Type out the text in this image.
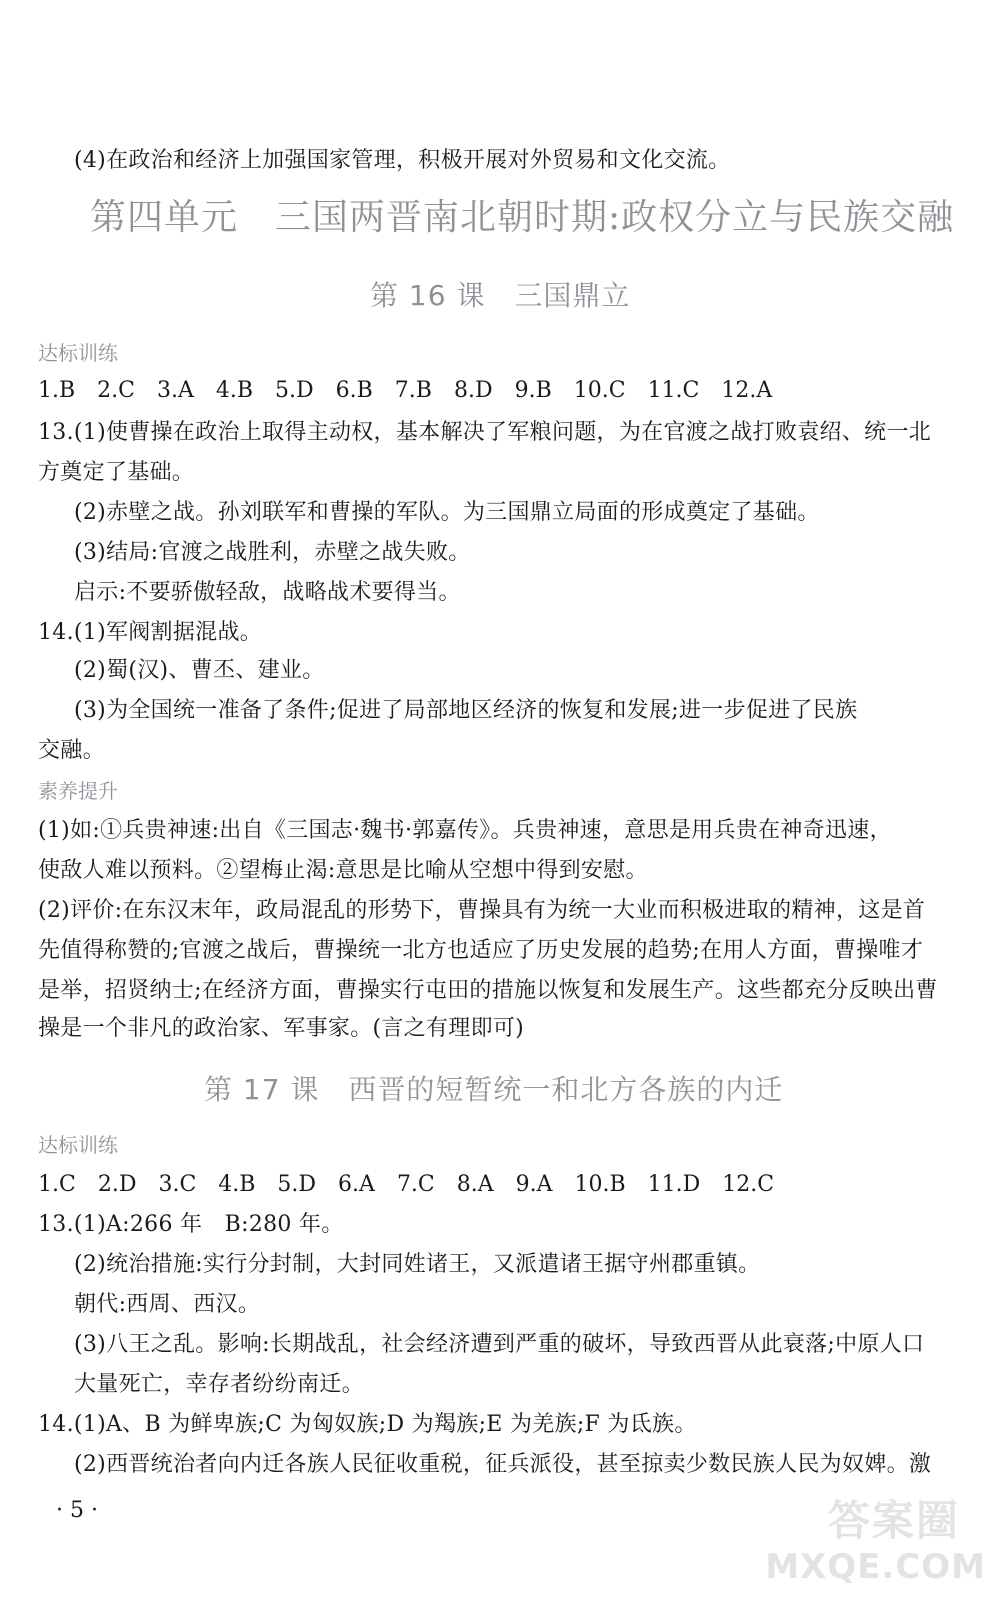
(4)在政治和经济上加强国家管理，积极开展对外贸易和文化交流。
第四单元　三国两晋南北朝时期:政权分立与民族交融
第 16 课　三国鼎立
达标训练
1.B　2.C　3.A　4.B　5.D　6.B　7.B　8.D　9.B　10.C　11.C　12.A
13.(1)使曹操在政治上取得主动权，基本解决了军粮问题，为在官渡之战打败袁绍、统一北
方奠定了基础。
(2)赤壁之战。孙刘联军和曹操的军队。为三国鼎立局面的形成奠定了基础。
(3)结局:官渡之战胜利，赤壁之战失败。
启示:不要骄傲轻敌，战略战术要得当。
14.(1)军阀割据混战。
(2)蜀(汉)、曹丕、建业。
(3)为全国统一准备了条件;促进了局部地区经济的恢复和发展;进一步促进了民族
交融。
素养提升
(1)如:①兵贵神速:出自《三国志·魏书·郭嘉传》。兵贵神速，意思是用兵贵在神奇迅速，
使敌人难以预料。②望梅止渴:意思是比喻从空想中得到安慰。
(2)评价:在东汉末年，政局混乱的形势下，曹操具有为统一大业而积极进取的精神，这是首
先值得称赞的;官渡之战后，曹操统一北方也适应了历史发展的趋势;在用人方面，曹操唯才
是举，招贤纳士;在经济方面，曹操实行屯田的措施以恢复和发展生产。这些都充分反映出曹
操是一个非凡的政治家、军事家。(言之有理即可)
第 17 课　西晋的短暂统一和北方各族的内迁
达标训练
1.C　2.D　3.C　4.B　5.D　6.A　7.C　8.A　9.A　10.B　11.D　12.C
13.(1)A:266 年　B:280 年。
(2)统治措施:实行分封制，大封同姓诸王，又派遣诸王据守州郡重镇。
朝代:西周、西汉。
(3)八王之乱。影响:长期战乱，社会经济遭到严重的破坏，导致西晋从此衰落;中原人口
大量死亡，幸存者纷纷南迁。
14.(1)A、B 为鲜卑族;C 为匈奴族;D 为羯族;E 为羌族;F 为氐族。
(2)西晋统治者向内迁各族人民征收重税，征兵派役，甚至掠卖少数民族人民为奴婢。激
· 5 ·	答案圈
MXQE.COM
